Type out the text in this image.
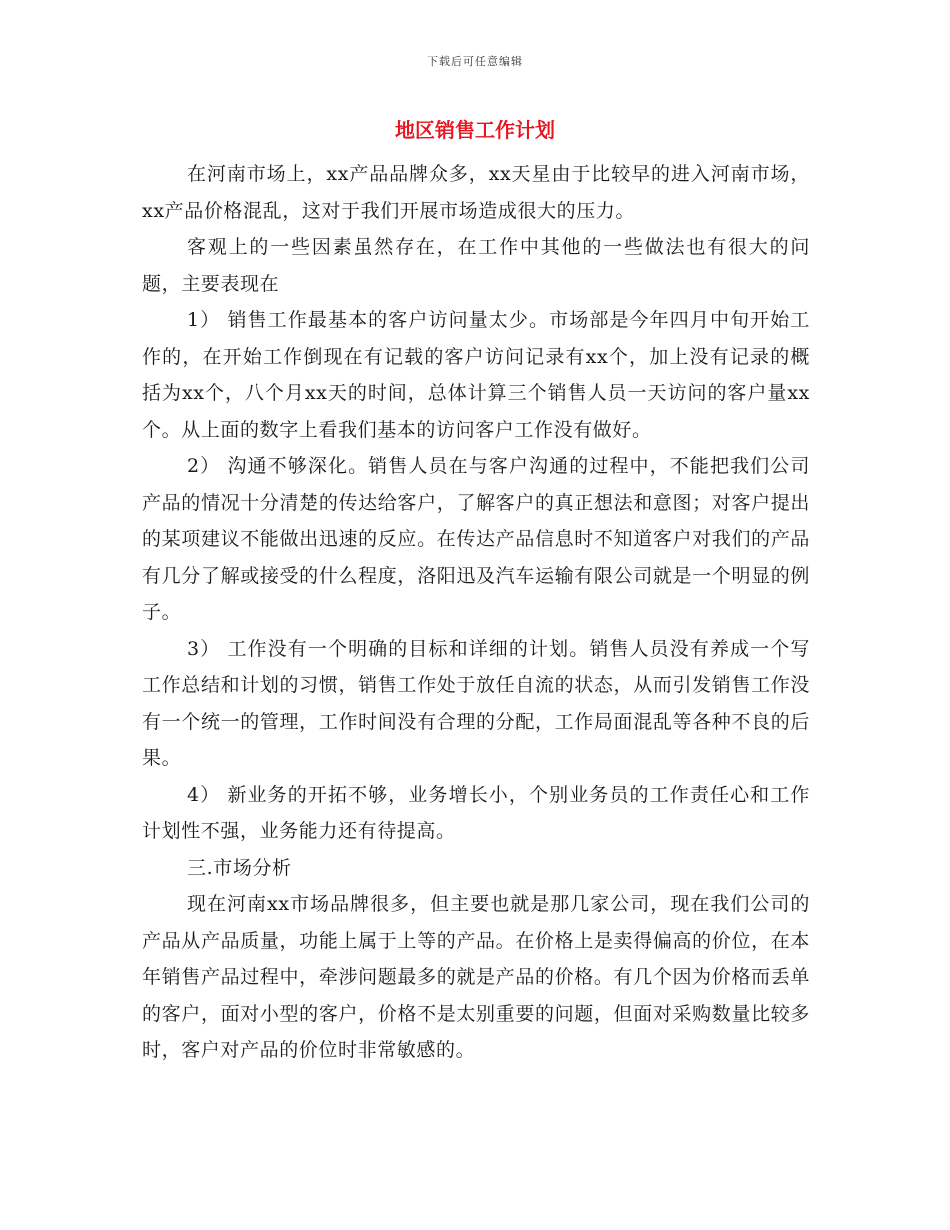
下载后可任意编辑
地区销售工作计划

在河南市场上，xx产品品牌众多，xx天星由于比较早的进入河南市场，xx产品价格混乱，这对于我们开展市场造成很大的压力。

客观上的一些因素虽然存在，在工作中其他的一些做法也有很大的问题，主要表现在

1） 销售工作最基本的客户访问量太少。市场部是今年四月中旬开始工作的，在开始工作倒现在有记载的客户访问记录有xx个，加上没有记录的概括为xx个，八个月xx天的时间，总体计算三个销售人员一天访问的客户量xx个。从上面的数字上看我们基本的访问客户工作没有做好。

2） 沟通不够深化。销售人员在与客户沟通的过程中，不能把我们公司产品的情况十分清楚的传达给客户，了解客户的真正想法和意图；对客户提出的某项建议不能做出迅速的反应。在传达产品信息时不知道客户对我们的产品有几分了解或接受的什么程度，洛阳迅及汽车运输有限公司就是一个明显的例子。

3） 工作没有一个明确的目标和详细的计划。销售人员没有养成一个写工作总结和计划的习惯，销售工作处于放任自流的状态，从而引发销售工作没有一个统一的管理，工作时间没有合理的分配，工作局面混乱等各种不良的后果。

4） 新业务的开拓不够，业务增长小，个别业务员的工作责任心和工作计划性不强，业务能力还有待提高。

三.市场分析

现在河南xx市场品牌很多，但主要也就是那几家公司，现在我们公司的产品从产品质量，功能上属于上等的产品。在价格上是卖得偏高的价位，在本年销售产品过程中，牵涉问题最多的就是产品的价格。有几个因为价格而丢单的客户，面对小型的客户，价格不是太别重要的问题，但面对采购数量比较多时，客户对产品的价位时非常敏感的。
